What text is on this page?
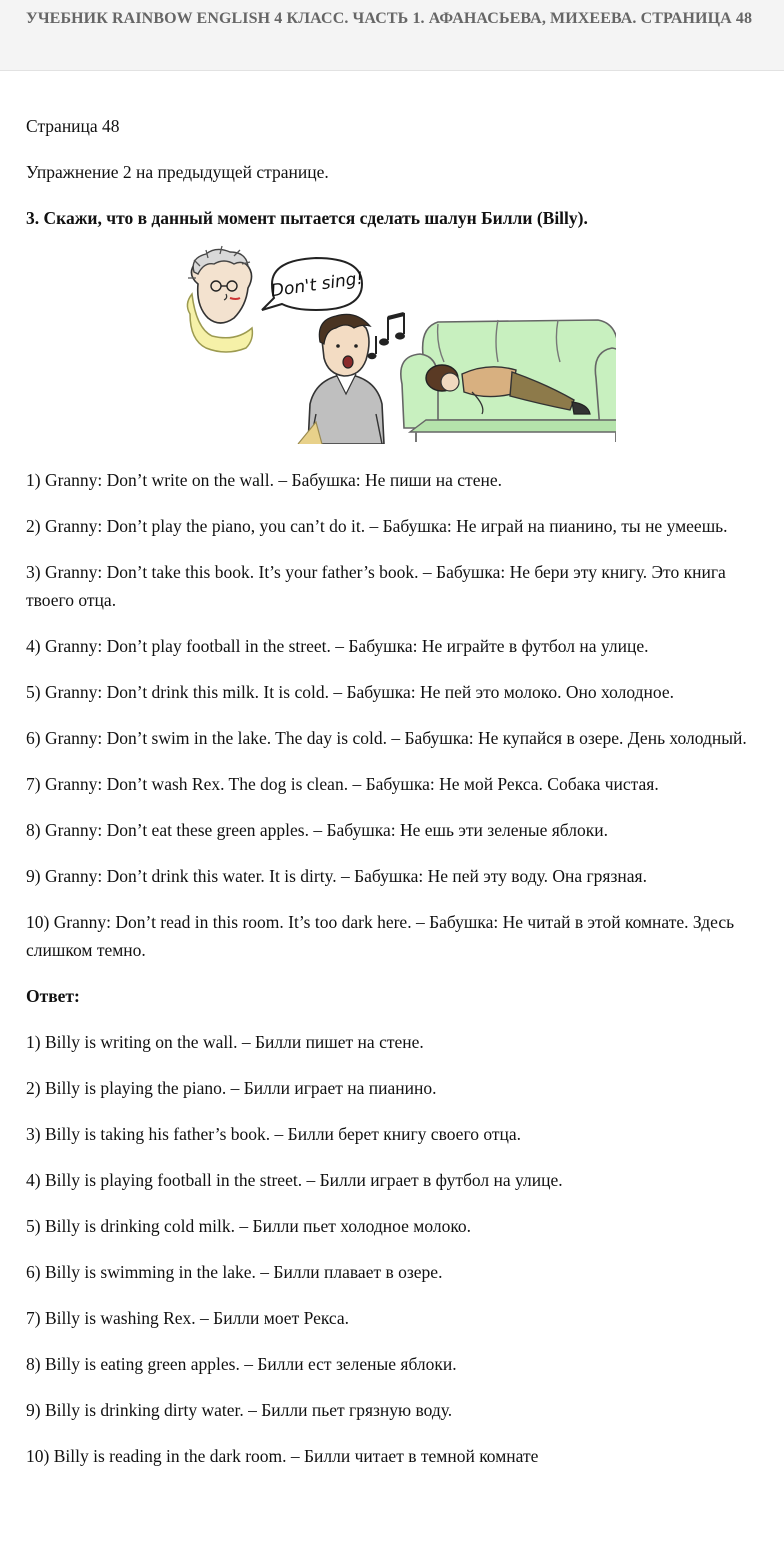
УЧЕБНИК RAINBOW ENGLISH 4 КЛАСС. ЧАСТЬ 1. АФАНАСЬЕВА, МИХЕЕВА. СТРАНИЦА 48

Страница 48

Упражнение 2 на предыдущей странице.

3. Скажи, что в данный момент пытается сделать шалун Билли (Billy).

Don't sing!

1) Granny: Don’t write on the wall. – Бабушка: Не пиши на стене.

2) Granny: Don’t play the piano, you can’t do it. – Бабушка: Не играй на пианино, ты не умеешь.

3) Granny: Don’t take this book. It’s your father’s book. – Бабушка: Не бери эту книгу. Это книга твоего отца.

4) Granny: Don’t play football in the street. – Бабушка: Не играйте в футбол на улице.

5) Granny: Don’t drink this milk. It is cold. – Бабушка: Не пей это молоко. Оно холодное.

6) Granny: Don’t swim in the lake. The day is cold. – Бабушка: Не купайся в озере. День холодный.

7) Granny: Don’t wash Rex. The dog is clean. – Бабушка: Не мой Рекса. Собака чистая.

8) Granny: Don’t eat these green apples. – Бабушка: Не ешь эти зеленые яблоки.

9) Granny: Don’t drink this water. It is dirty. – Бабушка: Не пей эту воду. Она грязная.

10) Granny: Don’t read in this room. It’s too dark here. – Бабушка: Не читай в этой комнате. Здесь слишком темно.

Ответ:

1) Billy is writing on the wall. – Билли пишет на стене.

2) Billy is playing the piano. – Билли играет на пианино.

3) Billy is taking his father’s book. – Билли берет книгу своего отца.

4) Billy is playing football in the street. – Билли играет в футбол на улице.

5) Billy is drinking cold milk. – Билли пьет холодное молоко.

6) Billy is swimming in the lake. – Билли плавает в озере.

7) Billy is washing Rex. – Билли моет Рекса.

8) Billy is eating green apples. – Билли ест зеленые яблоки.

9) Billy is drinking dirty water. – Билли пьет грязную воду.

10) Billy is reading in the dark room. – Билли читает в темной комнате
